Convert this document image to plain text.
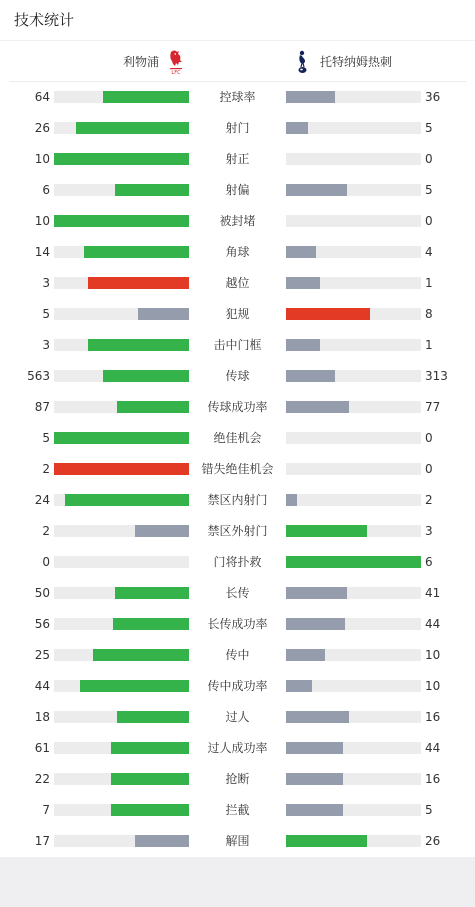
技术统计
利物浦
LFC
托特纳姆热刺
64	控球率	36
26	射门	5
10	射正	0
6	射偏	5
10	被封堵	0
14	角球	4
3	越位	1
5	犯规	8
3	击中门框	1
563	传球	313
87	传球成功率	77
5	绝佳机会	0
2	错失绝佳机会	0
24	禁区内射门	2
2	禁区外射门	3
0	门将扑救	6
50	长传	41
56	长传成功率	44
25	传中	10
44	传中成功率	10
18	过人	16
61	过人成功率	44
22	抢断	16
7	拦截	5
17	解围	26
